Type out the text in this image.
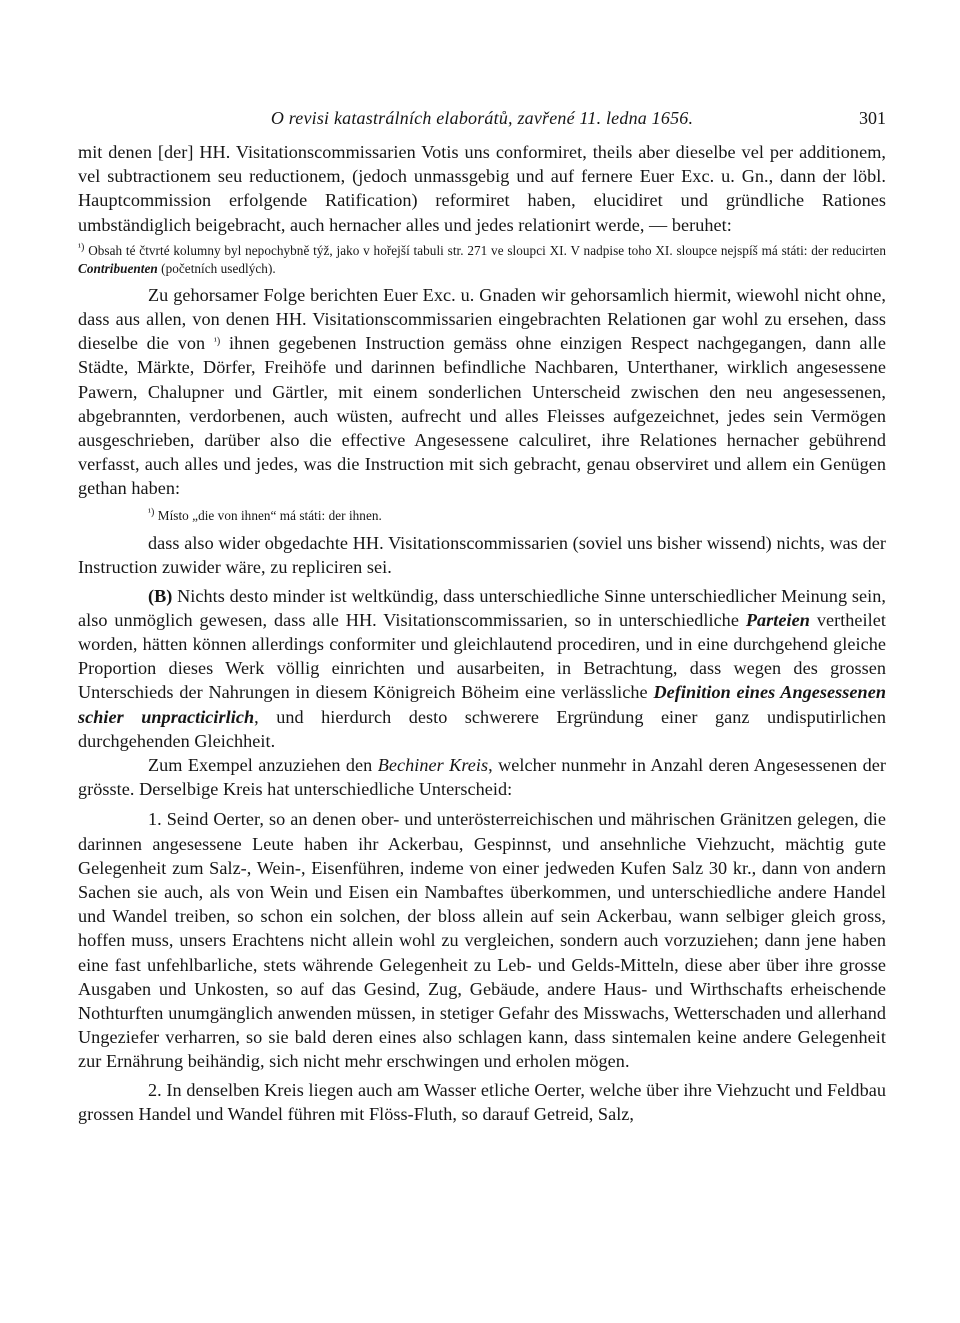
O revisi katastrálních elaborátů, zavřené 11. ledna 1656.	301

mit denen [der] HH. Visitationscommissarien Votis uns conformiret, theils aber dieselbe vel per additionem, vel subtractionem seu reductionem, (jedoch unmassgebig und auf fernere Euer Exc. u. Gn., dann der löbl. Hauptcommission erfolgende Ratification) reformiret haben, elucidiret und gründliche Rationes umbständiglich beigebracht, auch hernacher alles und jedes relationirt werde, — beruhet:

$^{^1)}$ Obsah té čtvrté kolumny byl nepochybně týž, jako v hořejší tabuli str. 271 ve sloupci XI. V nadpise toho XI. sloupce nejspíš má státi: der reducirten Contribuenten (početních usedlých).

Zu gehorsamer Folge berichten Euer Exc. u. Gnaden wir gehorsamlich hiermit, wiewohl nicht ohne, dass aus allen, von denen HH. Visitationscommissarien eingebrachten Relationen gar wohl zu ersehen, dass dieselbe die von $^{^1)}$ ihnen gegebenen Instruction gemäss ohne einzigen Respect nachgegangen, dann alle Städte, Märkte, Dörfer, Freihöfe und darinnen befindliche Nachbaren, Unterthaner, wirklich angesessene Pawern, Chalupner und Gärtler, mit einem sonderlichen Unterscheid zwischen den neu angesessenen, abgebrannten, verdorbenen, auch wüsten, aufrecht und alles Fleisses aufgezeichnet, jedes sein Vermögen ausgeschrieben, darüber also die effective Angesessene calculiret, ihre Relationes hernacher gebührend verfasst, auch alles und jedes, was die Instruction mit sich gebracht, genau observiret und allem ein Genügen gethan haben:

$^{^1)}$ Místo „die von ihnen“ má státi: der ihnen.

dass also wider obgedachte HH. Visitationscommissarien (soviel uns bisher wissend) nichts, was der Instruction zuwider wäre, zu repliciren sei.

(B) Nichts desto minder ist weltkündig, dass unterschiedliche Sinne unterschiedlicher Meinung sein, also unmöglich gewesen, dass alle HH. Visitationscommissarien, so in unterschiedliche Parteien vertheilet worden, hätten können allerdings conformiter und gleichlautend procediren, und in eine durchgehend gleiche Proportion dieses Werk völlig einrichten und ausarbeiten, in Betrachtung, dass wegen des grossen Unterschieds der Nahrungen in diesem Königreich Böheim eine verlässliche Definition eines Angesessenen schier unpracticirlich, und hierdurch desto schwerere Ergründung einer ganz undisputirlichen durchgehenden Gleichheit.

Zum Exempel anzuziehen den Bechiner Kreis, welcher nunmehr in Anzahl deren Angesessenen der grösste. Derselbige Kreis hat unterschiedliche Unterscheid:

1. Seind Oerter, so an denen ober- und unterösterreichischen und mährischen Gränitzen gelegen, die darinnen angesessene Leute haben ihr Ackerbau, Gespinnst, und ansehnliche Viehzucht, mächtig gute Gelegenheit zum Salz-, Wein-, Eisenführen, indeme von einer jedweden Kufen Salz 30 kr., dann von andern Sachen sie auch, als von Wein und Eisen ein Nambaftes überkommen, und unterschiedliche andere Handel und Wandel treiben, so schon ein solchen, der bloss allein auf sein Ackerbau, wann selbiger gleich gross, hoffen muss, unsers Erachtens nicht allein wohl zu vergleichen, sondern auch vorzuziehen; dann jene haben eine fast unfehlbarliche, stets währende Gelegenheit zu Leb- und Gelds-Mitteln, diese aber über ihre grosse Ausgaben und Unkosten, so auf das Gesind, Zug, Gebäude, andere Haus- und Wirthschafts erheischende Nothturften unumgänglich anwenden müssen, in stetiger Gefahr des Misswachs, Wetterschaden und allerhand Ungeziefer verharren, so sie bald deren eines also schlagen kann, dass sintemalen keine andere Gelegenheit zur Ernährung beihändig, sich nicht mehr erschwingen und erholen mögen.

2. In denselben Kreis liegen auch am Wasser etliche Oerter, welche über ihre Viehzucht und Feldbau grossen Handel und Wandel führen mit Flöss-Fluth, so darauf Getreid, Salz,
